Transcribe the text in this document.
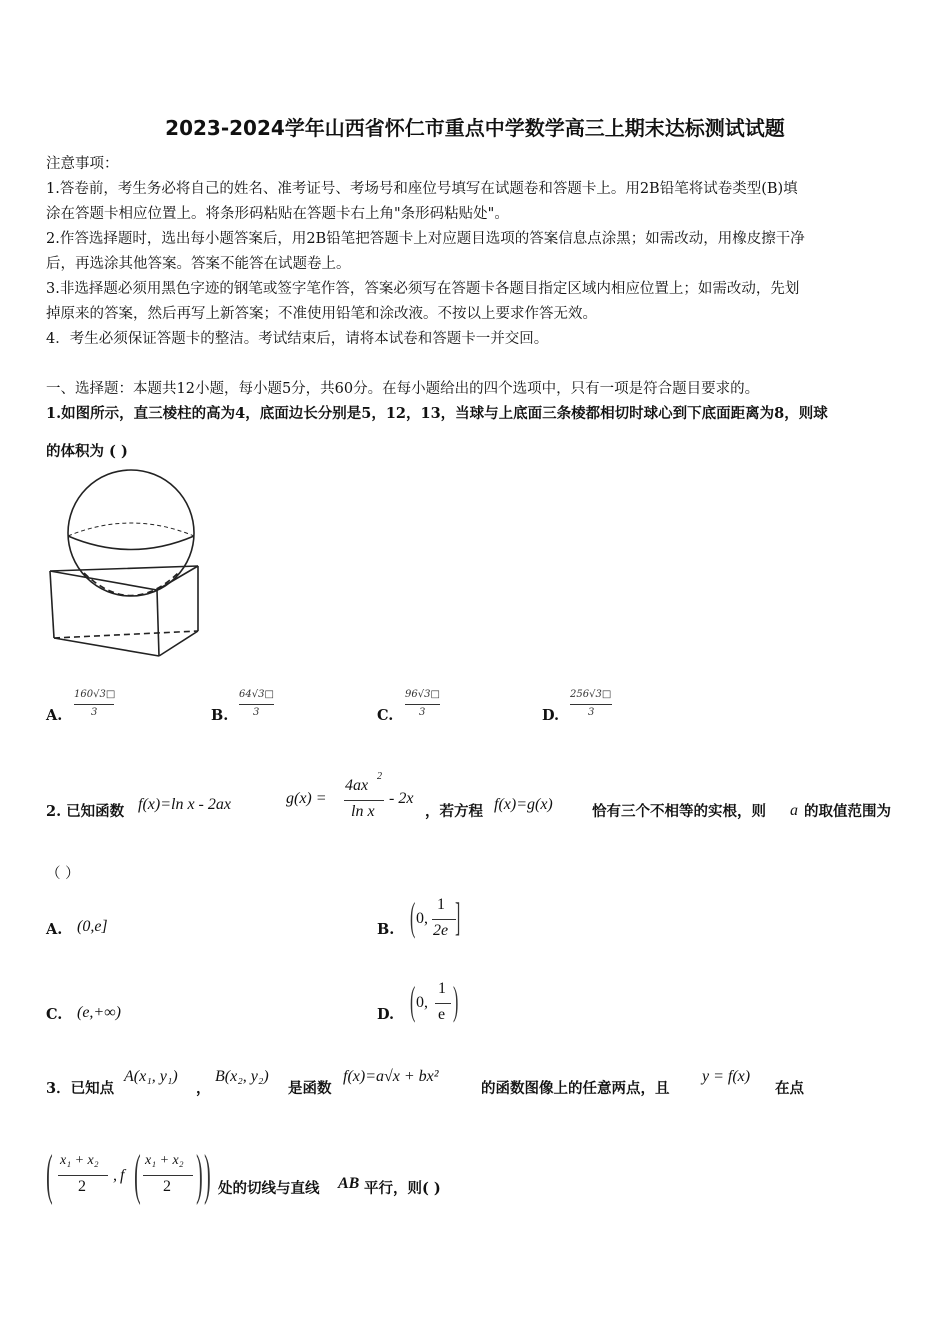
2023-2024学年山西省怀仁市重点中学数学高三上期末达标测试试题
注意事项：
1.答卷前，考生务必将自己的姓名、准考证号、考场号和座位号填写在试题卷和答题卡上。用2B铅笔将试卷类型(B)填
涂在答题卡相应位置上。将条形码粘贴在答题卡右上角"条形码粘贴处"。
2.作答选择题时，选出每小题答案后，用2B铅笔把答题卡上对应题目选项的答案信息点涂黑；如需改动，用橡皮擦干净
后，再选涂其他答案。答案不能答在试题卷上。
3.非选择题必须用黑色字迹的钢笔或签字笔作答，答案必须写在答题卡各题目指定区域内相应位置上；如需改动，先划
掉原来的答案，然后再写上新答案；不准使用铅笔和涂改液。不按以上要求作答无效。
4．考生必须保证答题卡的整洁。考试结束后，请将本试卷和答题卡一并交回。
一、选择题：本题共12小题，每小题5分，共60分。在每小题给出的四个选项中，只有一项是符合题目要求的。
1.如图所示，直三棱柱的高为4，底面边长分别是5，12，13，当球与上底面三条棱都相切时球心到下底面距离为8，则球
的体积为 ( )
A.
160√3□
3	B.
64√3□
3	C.
96√3□
3	D.
256√3□
3
2. 已知函数 f(x)=ln x - 2ax	g(x) =
4ax
2
ln x
- 2x
，若方程 f(x)=g(x)	恰有三个不相等的实根，则 a 的取值范围为
（ ）
A. (0,e]	B. ( 0,
1
2e ]
C. (e,+∞)	D. ( 0,
1
e )
3．已知点
A(x₁, y₁)
，
B(x₂, y₂)
是函数
f(x)=a√x + bx²
的函数图像上的任意两点，且
y = f(x)
在点
( x₁ + x₂
2
, f ( x₁ + x₂
2 ) ) 处的切线与直线 AB 平行，则( )
